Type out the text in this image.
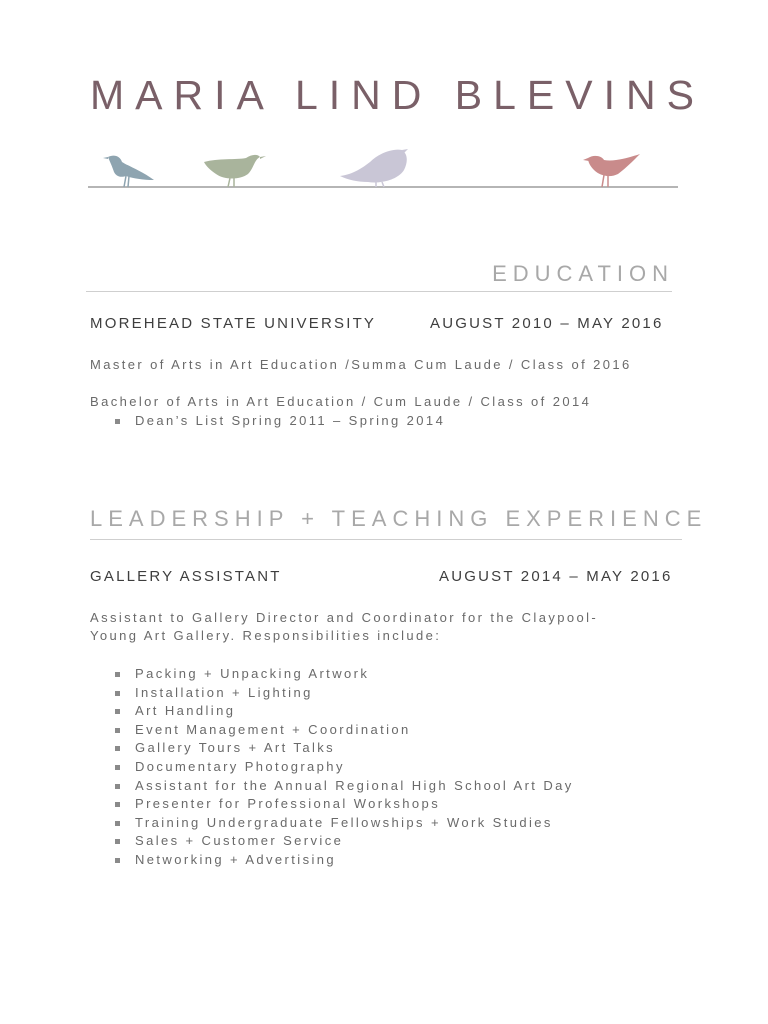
MARIA LIND BLEVINS
EDUCATION
MOREHEAD STATE UNIVERSITY	AUGUST 2010 – MAY 2016
Master of Arts in Art Education /Summa Cum Laude / Class of 2016
Bachelor of Arts in Art Education / Cum Laude / Class of 2014
Dean’s List Spring 2011 – Spring 2014
LEADERSHIP + TEACHING EXPERIENCE
GALLERY ASSISTANT	AUGUST 2014 – MAY 2016
Assistant to Gallery Director and Coordinator for the Claypool-
Young Art Gallery. Responsibilities include:
Packing + Unpacking Artwork
Installation + Lighting
Art Handling
Event Management + Coordination
Gallery Tours + Art Talks
Documentary Photography
Assistant for the Annual Regional High School Art Day
Presenter for Professional Workshops
Training Undergraduate Fellowships + Work Studies
Sales + Customer Service
Networking + Advertising
